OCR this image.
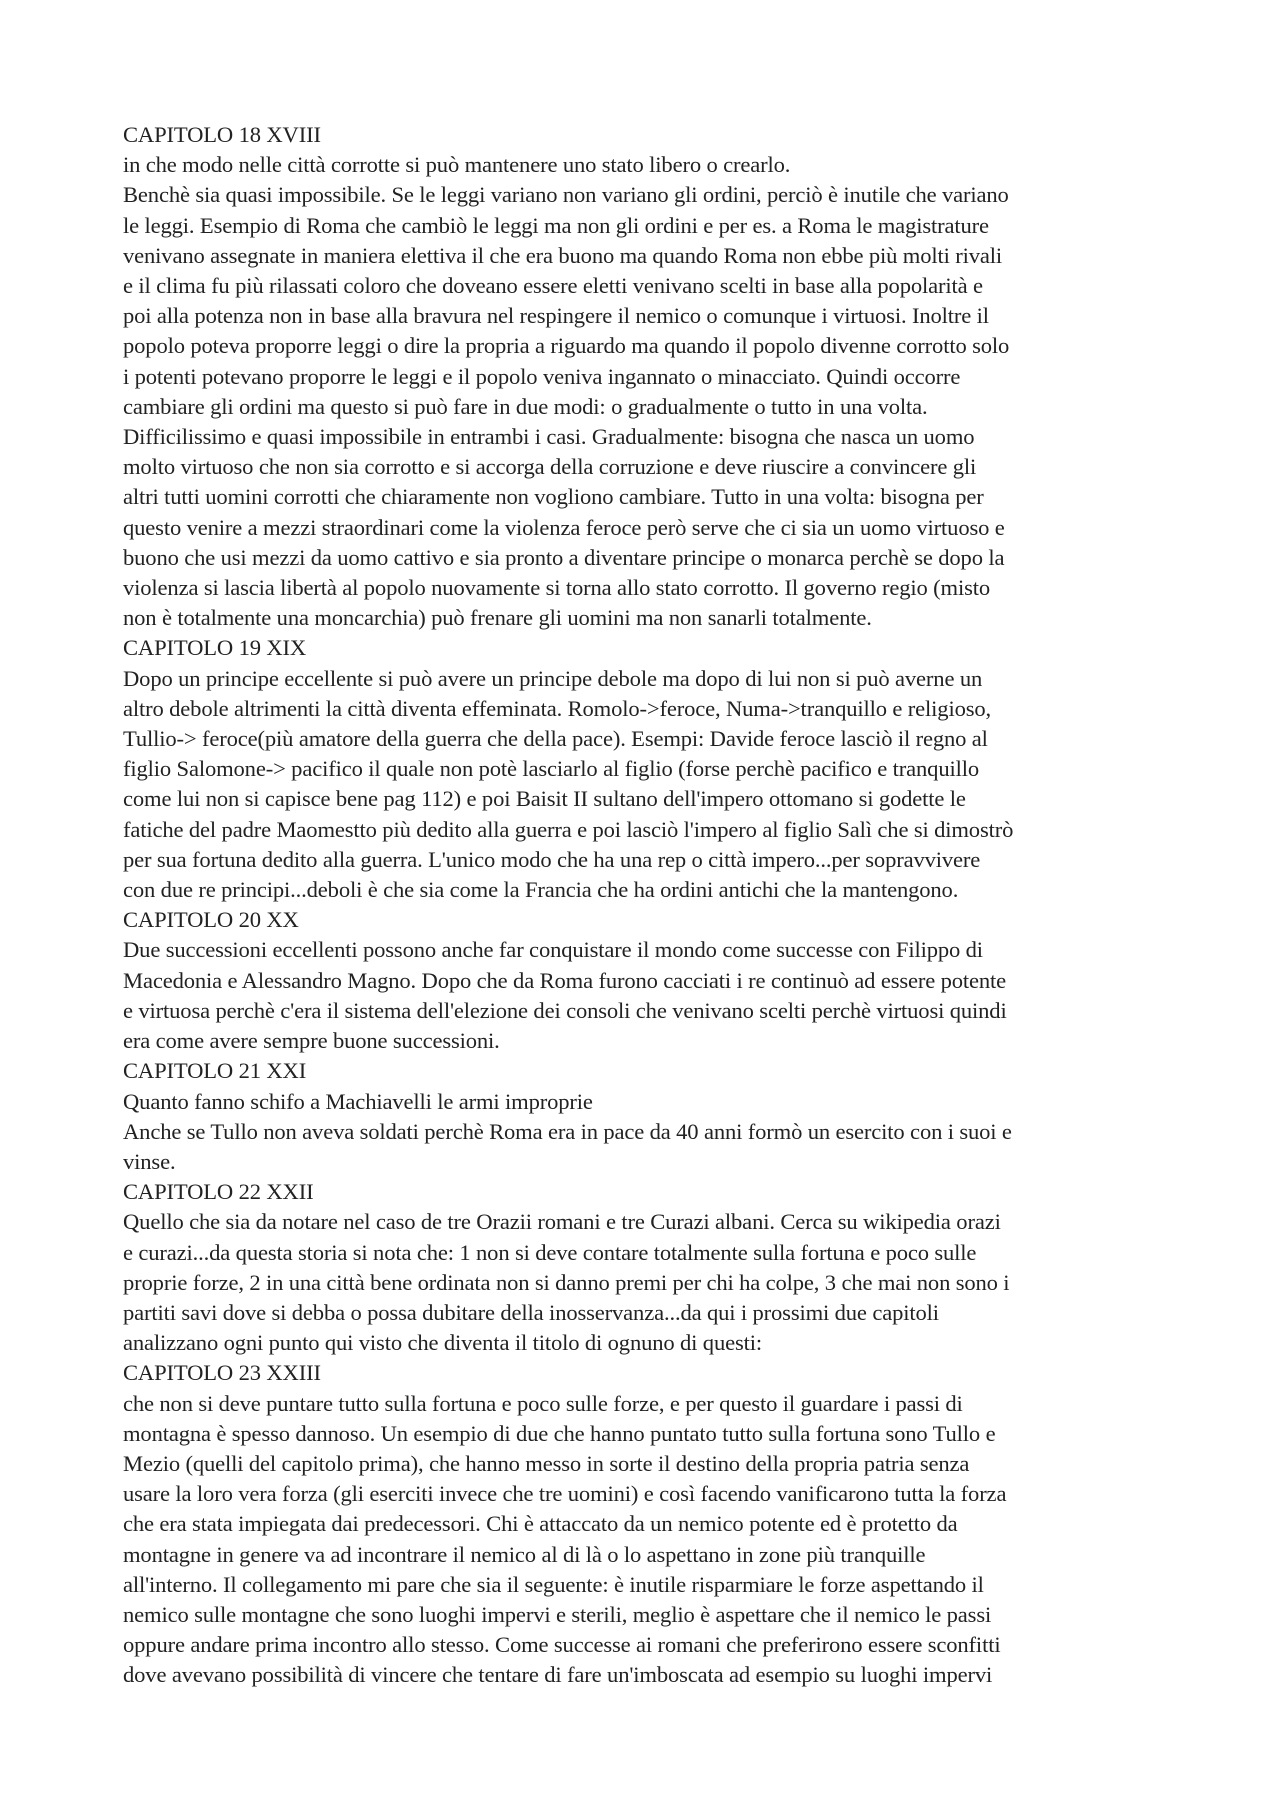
CAPITOLO 18 XVIII
in che modo nelle città corrotte si può mantenere uno stato libero o crearlo.
Benchè sia quasi impossibile. Se le leggi variano non variano gli ordini, perciò è inutile che variano
le leggi. Esempio di Roma che cambiò le leggi ma non gli ordini e per es. a Roma le magistrature
venivano assegnate in maniera elettiva il che era buono ma quando Roma non ebbe più molti rivali
e il clima fu più rilassati coloro che doveano essere eletti venivano scelti in base alla popolarità e
poi alla potenza non in base alla bravura nel respingere il nemico o comunque i virtuosi. Inoltre il
popolo poteva proporre leggi o dire la propria a riguardo ma quando il popolo divenne corrotto solo
i potenti potevano proporre le leggi e il popolo veniva ingannato o minacciato. Quindi occorre
cambiare gli ordini ma questo si può fare in due modi: o gradualmente o tutto in una volta.
Difficilissimo e quasi impossibile in entrambi i casi. Gradualmente: bisogna che nasca un uomo
molto virtuoso che non sia corrotto e si accorga della corruzione e deve riuscire a convincere gli
altri tutti uomini corrotti che chiaramente non vogliono cambiare. Tutto in una volta: bisogna per
questo venire a mezzi straordinari come la violenza feroce però serve che ci sia un uomo virtuoso e
buono che usi mezzi da uomo cattivo e sia pronto a diventare principe o monarca perchè se dopo la
violenza si lascia libertà al popolo nuovamente si torna allo stato corrotto. Il governo regio (misto
non è totalmente una moncarchia) può frenare gli uomini ma non sanarli totalmente.
CAPITOLO 19 XIX
Dopo un principe eccellente si può avere un principe debole ma dopo di lui non si può averne un
altro debole altrimenti la città diventa effeminata. Romolo->feroce, Numa->tranquillo e religioso,
Tullio-> feroce(più amatore della guerra che della pace). Esempi: Davide feroce lasciò il regno al
figlio Salomone-> pacifico il quale non potè lasciarlo al figlio (forse perchè pacifico e tranquillo
come lui non si capisce bene pag 112) e poi Baisit II sultano dell'impero ottomano si godette le
fatiche del padre Maomestto più dedito alla guerra e poi lasciò l'impero al figlio Salì che si dimostrò
per sua fortuna dedito alla guerra. L'unico modo che ha una rep o città impero...per sopravvivere
con due re principi...deboli è che sia come la Francia che ha ordini antichi che la mantengono.
CAPITOLO 20 XX
Due successioni eccellenti possono anche far conquistare il mondo come successe con Filippo di
Macedonia e Alessandro Magno. Dopo che da Roma furono cacciati i re continuò ad essere potente
e virtuosa perchè c'era il sistema dell'elezione dei consoli che venivano scelti perchè virtuosi quindi
era come avere sempre buone successioni.
CAPITOLO 21 XXI
Quanto fanno schifo a Machiavelli le armi improprie
Anche se Tullo non aveva soldati perchè Roma era in pace da 40 anni formò un esercito con i suoi e
vinse.
CAPITOLO 22 XXII
Quello che sia da notare nel caso de tre Orazii romani e tre Curazi albani. Cerca su wikipedia orazi
e curazi...da questa storia si nota che: 1 non si deve contare totalmente sulla fortuna e poco sulle
proprie forze, 2 in una città bene ordinata non si danno premi per chi ha colpe, 3 che mai non sono i
partiti savi dove si debba o possa dubitare della inosservanza...da qui i prossimi due capitoli
analizzano ogni punto qui visto che diventa il titolo di ognuno di questi:
CAPITOLO 23 XXIII
che non si deve puntare tutto sulla fortuna e poco sulle forze, e per questo il guardare i passi di
montagna è spesso dannoso. Un esempio di due che hanno puntato tutto sulla fortuna sono Tullo e
Mezio (quelli del capitolo prima), che hanno messo in sorte il destino della propria patria senza
usare la loro vera forza (gli eserciti invece che tre uomini) e così facendo vanificarono tutta la forza
che era stata impiegata dai predecessori. Chi è attaccato da un nemico potente ed è protetto da
montagne in genere va ad incontrare il nemico al di là o lo aspettano in zone più tranquille
all'interno. Il collegamento mi pare che sia il seguente: è inutile risparmiare le forze aspettando il
nemico sulle montagne che sono luoghi impervi e sterili, meglio è aspettare che il nemico le passi
oppure andare prima incontro allo stesso. Come successe ai romani che preferirono essere sconfitti
dove avevano possibilità di vincere che tentare di fare un'imboscata ad esempio su luoghi impervi
